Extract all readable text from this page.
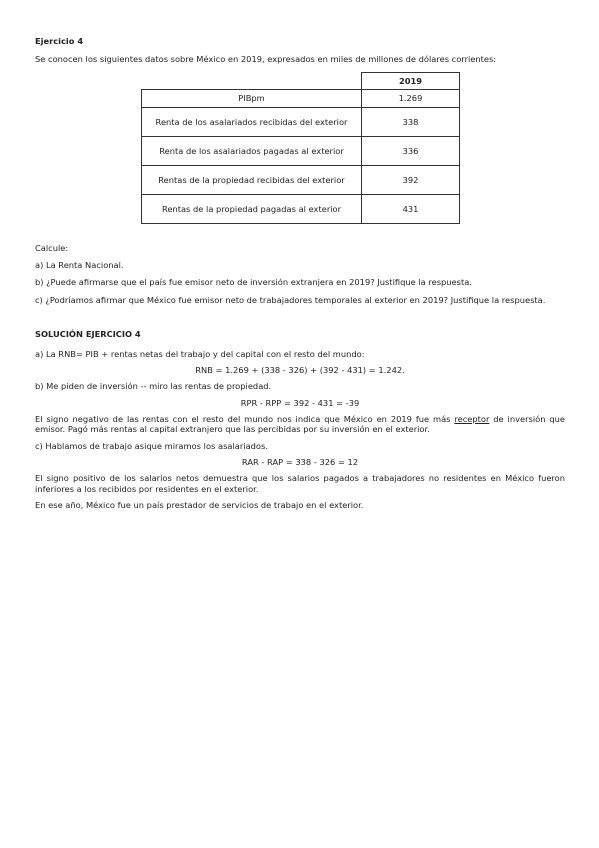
Ejercicio 4

Se conocen los siguientes datos sobre México en 2019, expresados en miles de millones de dólares corrientes:

	2019
PIBpm	1.269
Renta de los asalariados recibidas del exterior	338
Renta de los asalariados pagadas al exterior	336
Rentas de la propiedad recibidas del exterior	392
Rentas de la propiedad pagadas al exterior	431

Calcule:

a) La Renta Nacional.

b) ¿Puede afirmarse que el país fue emisor neto de inversión extranjera en 2019? Justifique la respuesta.

c) ¿Podríamos afirmar que México fue emisor neto de trabajadores temporales al exterior en 2019? Justifique la respuesta.

SOLUCIÓN EJERCICIO 4

a) La RNB= PIB + rentas netas del trabajo y del capital con el resto del mundo:

RNB = 1.269 + (338 - 326) + (392 - 431) = 1.242.

b) Me piden de inversión -- miro las rentas de propiedad.

RPR - RPP = 392 - 431 = -39

El signo negativo de las rentas con el resto del mundo nos indica que México en 2019 fue más receptor de inversión que emisor. Pagó más rentas al capital extranjero que las percibidas por su inversión en el exterior.

c) Hablamos de trabajo asique miramos los asalariados.

RAR - RAP = 338 - 326 = 12

El signo positivo de los salarios netos demuestra que los salarios pagados a trabajadores no residentes en México fueron inferiores a los recibidos por residentes en el exterior.

En ese año, México fue un país prestador de servicios de trabajo en el exterior.
